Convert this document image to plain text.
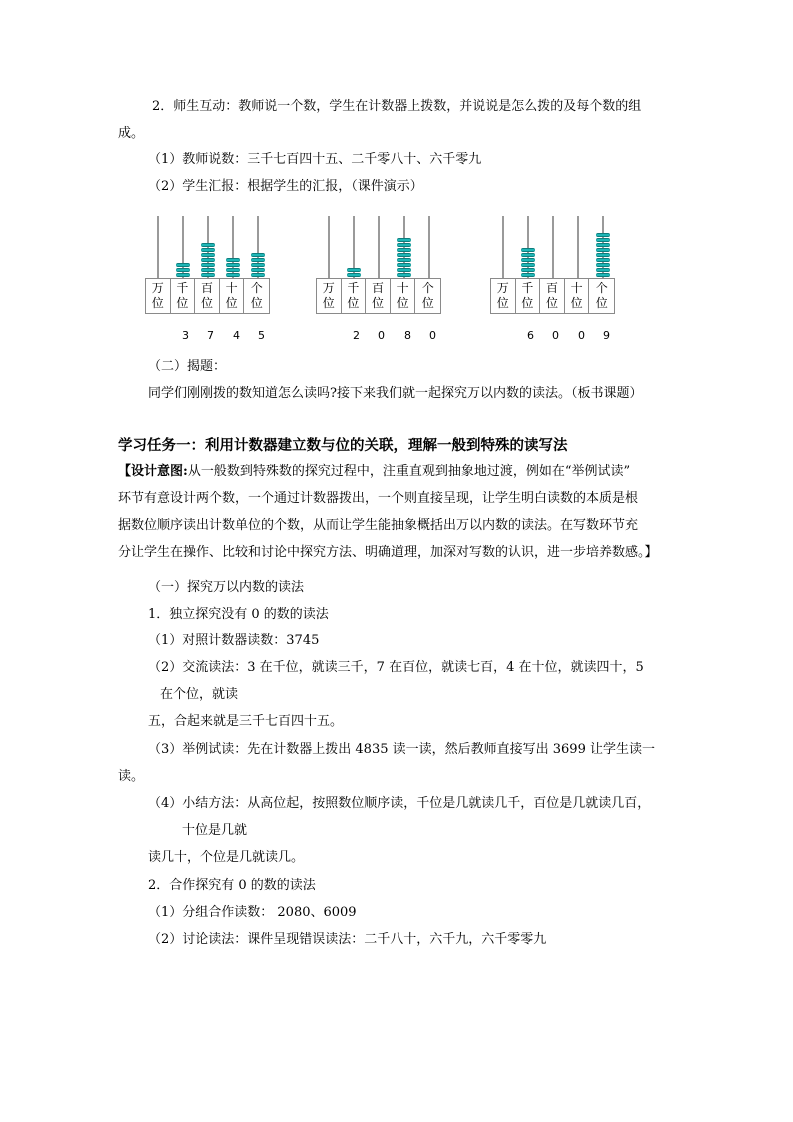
2．师生互动：教师说一个数，学生在计数器上拨数，并说说是怎么拨的及每个数的组
成。
（1）教师说数：三千七百四十五、二千零八十、六千零九
（2）学生汇报：根据学生的汇报，（课件演示）
万
位
千
位
百
位
十
位
个
位
3 7 4 5
万
位
千
位
百
位
十
位
个
位
2 0 8 0
万
位
千
位
百
位
十
位
个
位
6 0 0 9
（二）揭题：
同学们刚刚拨的数知道怎么读吗?接下来我们就一起探究万以内数的读法。（板书课题）
学习任务一：利用计数器建立数与位的关联，理解一般到特殊的读写法
【设计意图:从一般数到特殊数的探究过程中，注重直观到抽象地过渡，例如在“举例试读”
环节有意设计两个数，一个通过计数器拨出，一个则直接呈现，让学生明白读数的本质是根
据数位顺序读出计数单位的个数，从而让学生能抽象概括出万以内数的读法。在写数环节充
分让学生在操作、比较和讨论中探究方法、明确道理，加深对写数的认识，进一步培养数感。】
（一）探究万以内数的读法
1．独立探究没有 0 的数的读法
（1）对照计数器读数：3745
（2）交流读法：3 在千位，就读三千，7 在百位，就读七百，4 在十位，就读四十，5
在个位，就读
五，合起来就是三千七百四十五。
（3）举例试读：先在计数器上拨出 4835 读一读，然后教师直接写出 3699 让学生读一
读。
（4）小结方法：从高位起，按照数位顺序读，千位是几就读几千，百位是几就读几百，
十位是几就
读几十，个位是几就读几。
2．合作探究有 0 的数的读法
（1）分组合作读数： 2080、6009
（2）讨论读法：课件呈现错误读法：二千八十，六千九，六千零零九
